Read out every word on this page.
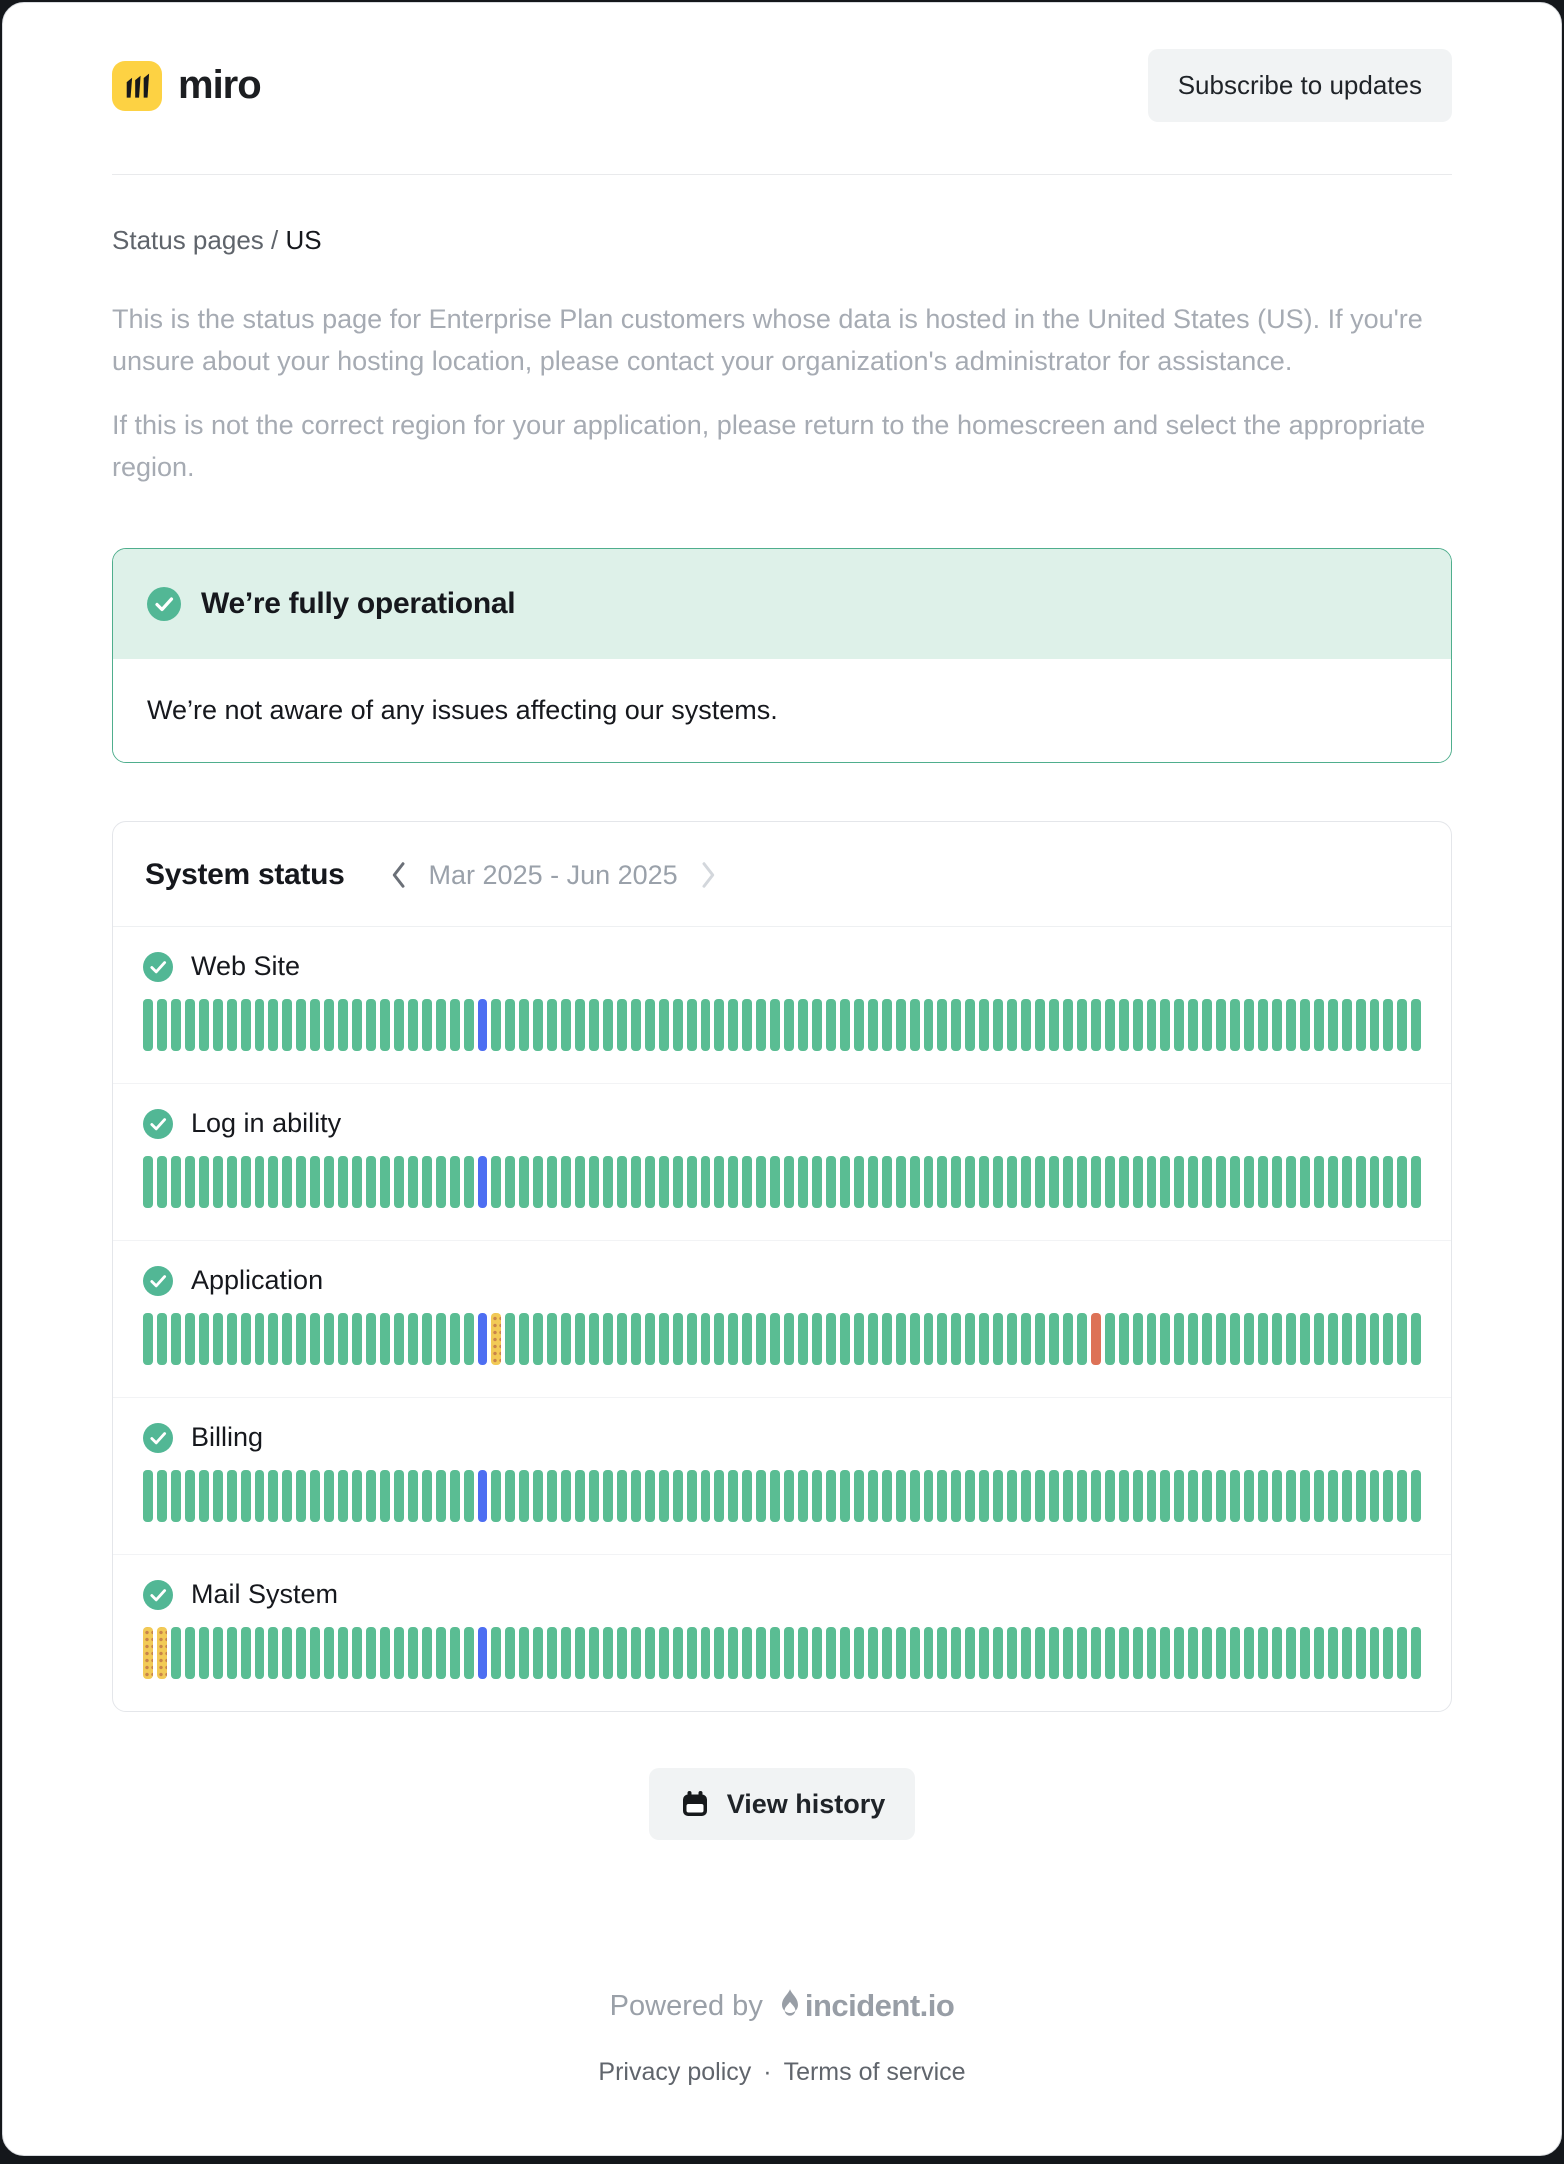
miro	Subscribe to updates
Status pages / US

This is the status page for Enterprise Plan customers whose data is hosted in the United States (US). If you're unsure about your hosting location, please contact your organization's administrator for assistance.

If this is not the correct region for your application, please return to the homescreen and select the appropriate region.

We’re fully operational
We’re not aware of any issues affecting our systems.
System status	Mar 2025 - Jun 2025
Web Site
Log in ability
Application
Billing
Mail System
View history
Powered by incident.io
Privacy policy · Terms of service
